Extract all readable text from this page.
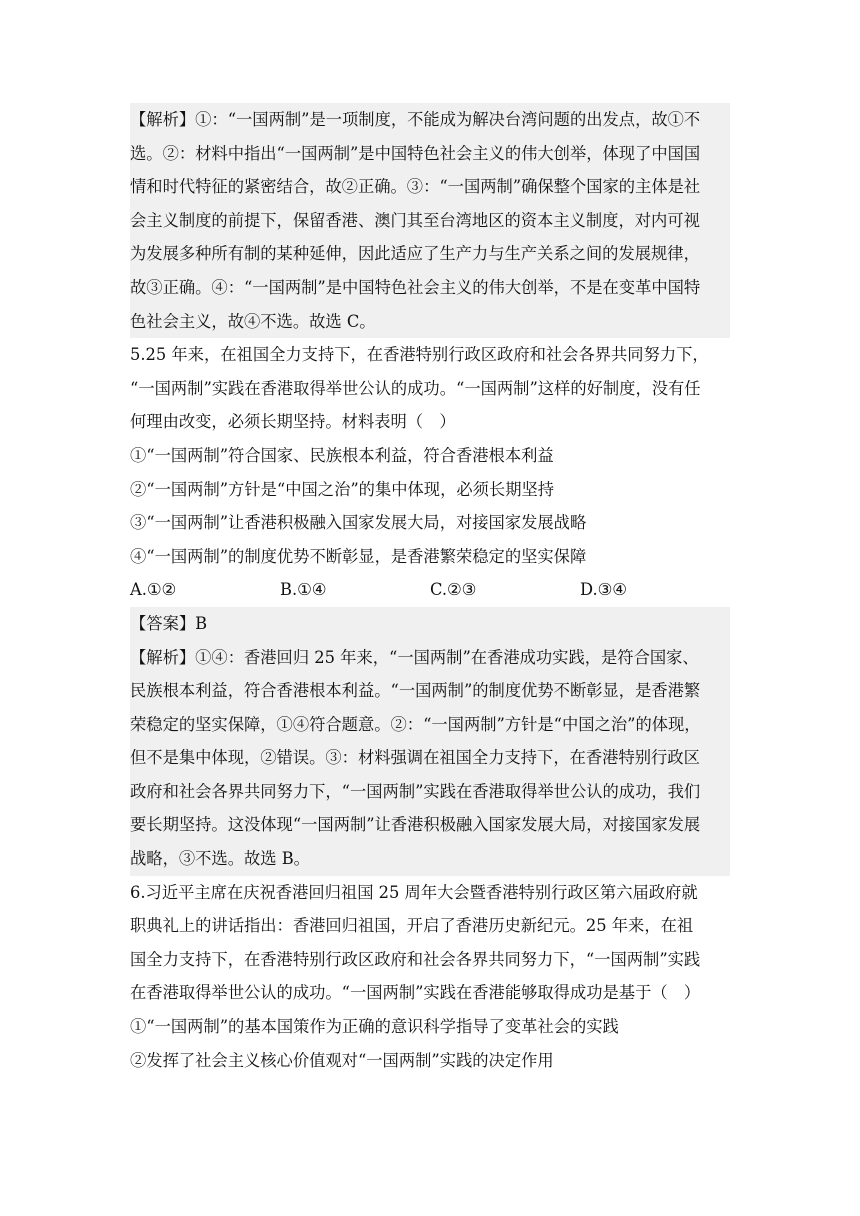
【解析】①：“一国两制”是一项制度，不能成为解决台湾问题的出发点，故①不
选。②：材料中指出“一国两制”是中国特色社会主义的伟大创举，体现了中国国
情和时代特征的紧密结合，故②正确。③：“一国两制”确保整个国家的主体是社
会主义制度的前提下，保留香港、澳门其至台湾地区的资本主义制度，对内可视
为发展多种所有制的某种延伸，因此适应了生产力与生产关系之间的发展规律，
故③正确。④：“一国两制”是中国特色社会主义的伟大创举，不是在变革中国特
色社会主义，故④不选。故选 C。
5.25 年来，在祖国全力支持下，在香港特别行政区政府和社会各界共同努力下，
“一国两制”实践在香港取得举世公认的成功。“一国两制”这样的好制度，没有任
何理由改变，必须长期坚持。材料表明（　）
①“一国两制”符合国家、民族根本利益，符合香港根本利益
②“一国两制”方针是“中国之治”的集中体现，必须长期坚持
③“一国两制”让香港积极融入国家发展大局，对接国家发展战略
④“一国两制”的制度优势不断彰显，是香港繁荣稳定的坚实保障
A.①②	B.①④	C.②③	D.③④
【答案】B
【解析】①④：香港回归 25 年来，“一国两制”在香港成功实践，是符合国家、
民族根本利益，符合香港根本利益。“一国两制”的制度优势不断彰显，是香港繁
荣稳定的坚实保障，①④符合题意。②：“一国两制”方针是“中国之治”的体现，
但不是集中体现，②错误。③：材料强调在祖国全力支持下，在香港特别行政区
政府和社会各界共同努力下，“一国两制”实践在香港取得举世公认的成功，我们
要长期坚持。这没体现“一国两制”让香港积极融入国家发展大局，对接国家发展
战略，③不选。故选 B。
6.习近平主席在庆祝香港回归祖国 25 周年大会暨香港特别行政区第六届政府就
职典礼上的讲话指出：香港回归祖国，开启了香港历史新纪元。25 年来，在祖
国全力支持下，在香港特别行政区政府和社会各界共同努力下，“一国两制”实践
在香港取得举世公认的成功。“一国两制”实践在香港能够取得成功是基于（　）
①“一国两制”的基本国策作为正确的意识科学指导了变革社会的实践
②发挥了社会主义核心价值观对“一国两制”实践的决定作用
